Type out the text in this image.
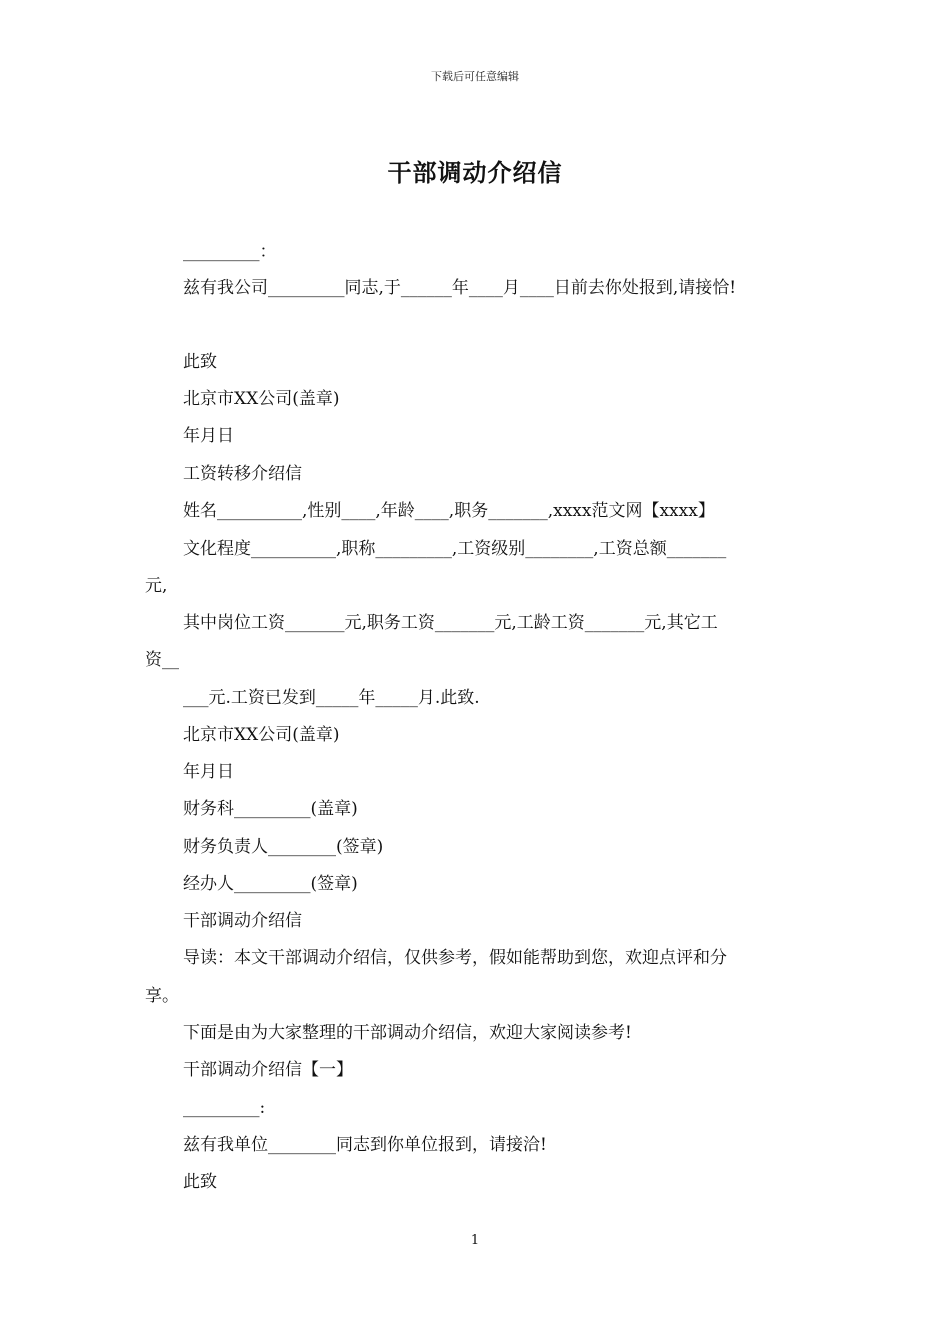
下载后可任意编辑
干部调动介绍信
_________：
兹有我公司_________同志,于______年____月____日前去你处报到,请接恰!
此致
北京市XX公司(盖章)
年月日
工资转移介绍信
姓名__________,性别____,年龄____,职务_______,xxxx范文网【xxxx】
文化程度__________,职称_________,工资级别________,工资总额_______
元,
其中岗位工资_______元,职务工资_______元,工龄工资_______元,其它工
资__
___元.工资已发到_____年_____月.此致.
北京市XX公司(盖章)
年月日
财务科_________(盖章)
财务负责人________(签章)
经办人_________(签章)
干部调动介绍信
导读：本文干部调动介绍信，仅供参考，假如能帮助到您，欢迎点评和分
享。
下面是由为大家整理的干部调动介绍信，欢迎大家阅读参考!
干部调动介绍信【一】
_________:
兹有我单位________同志到你单位报到，请接洽!
此致
1
